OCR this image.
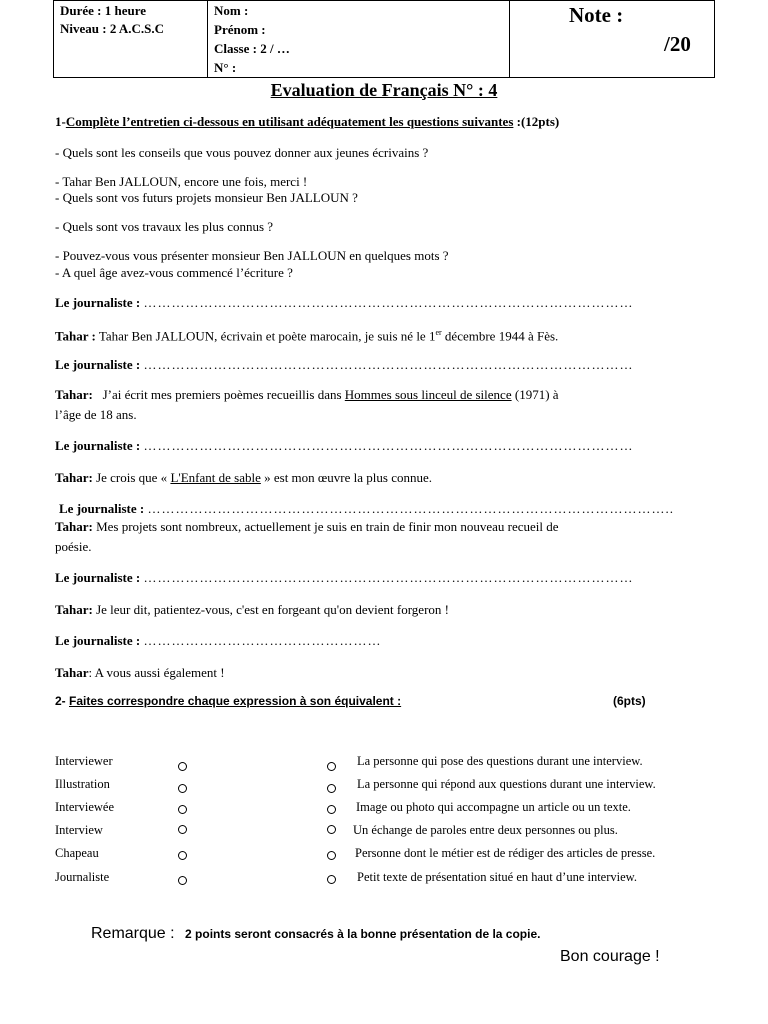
Durée : 1 heure
Niveau : 2 A.C.S.C
Nom :
Prénom :
Classe : 2 / …
N° :
Note :
/20
Evaluation de Français N° : 4
1-Complète l’entretien ci-dessous en utilisant adéquatement les questions suivantes :(12pts)
- Quels sont les conseils que vous pouvez donner aux jeunes écrivains ?
- Tahar Ben JALLOUN, encore une fois, merci !
- Quels sont vos futurs projets monsieur Ben JALLOUN ?
- Quels sont vos travaux les plus connus ?
- Pouvez-vous vous présenter monsieur Ben JALLOUN en quelques mots ?
- A quel âge avez-vous commencé l’écriture ?
Le journaliste : ……………………………………………………………………………………………
Tahar : Tahar Ben JALLOUN, écrivain et poète marocain, je suis né le 1er décembre 1944 à Fès.
Le journaliste : ……………………………………………………………………………………………
Tahar:   J’ai écrit mes premiers poèmes recueillis dans Hommes sous linceul de silence (1971) à
l’âge de 18 ans.
Le journaliste : ……………………………………………………………………………………………
Tahar: Je crois que « L'Enfant de sable » est mon œuvre la plus connue.
Le journaliste : …………………………………………………………………………………………………..
Tahar: Mes projets sont nombreux, actuellement je suis en train de finir mon nouveau recueil de
poésie.
Le journaliste : ……………………………………………………………………………………………
Tahar: Je leur dit, patientez-vous, c'est en forgeant qu'on devient forgeron !
Le journaliste : ……………………………………………
Tahar: A vous aussi également !
2- Faites correspondre chaque expression à son équivalent :	(6pts)
Interviewer
Illustration
Interviewée
Interview
Chapeau
Journaliste
La personne qui pose des questions durant une interview.
La personne qui répond aux questions durant une interview.
Image ou photo qui accompagne un article ou un texte.
Un échange de paroles entre deux personnes ou plus.
Personne dont le métier est de rédiger des articles de presse.
Petit texte de présentation situé en haut d’une interview.
Remarque : 2 points seront consacrés à la bonne présentation de la copie.
Bon courage !
